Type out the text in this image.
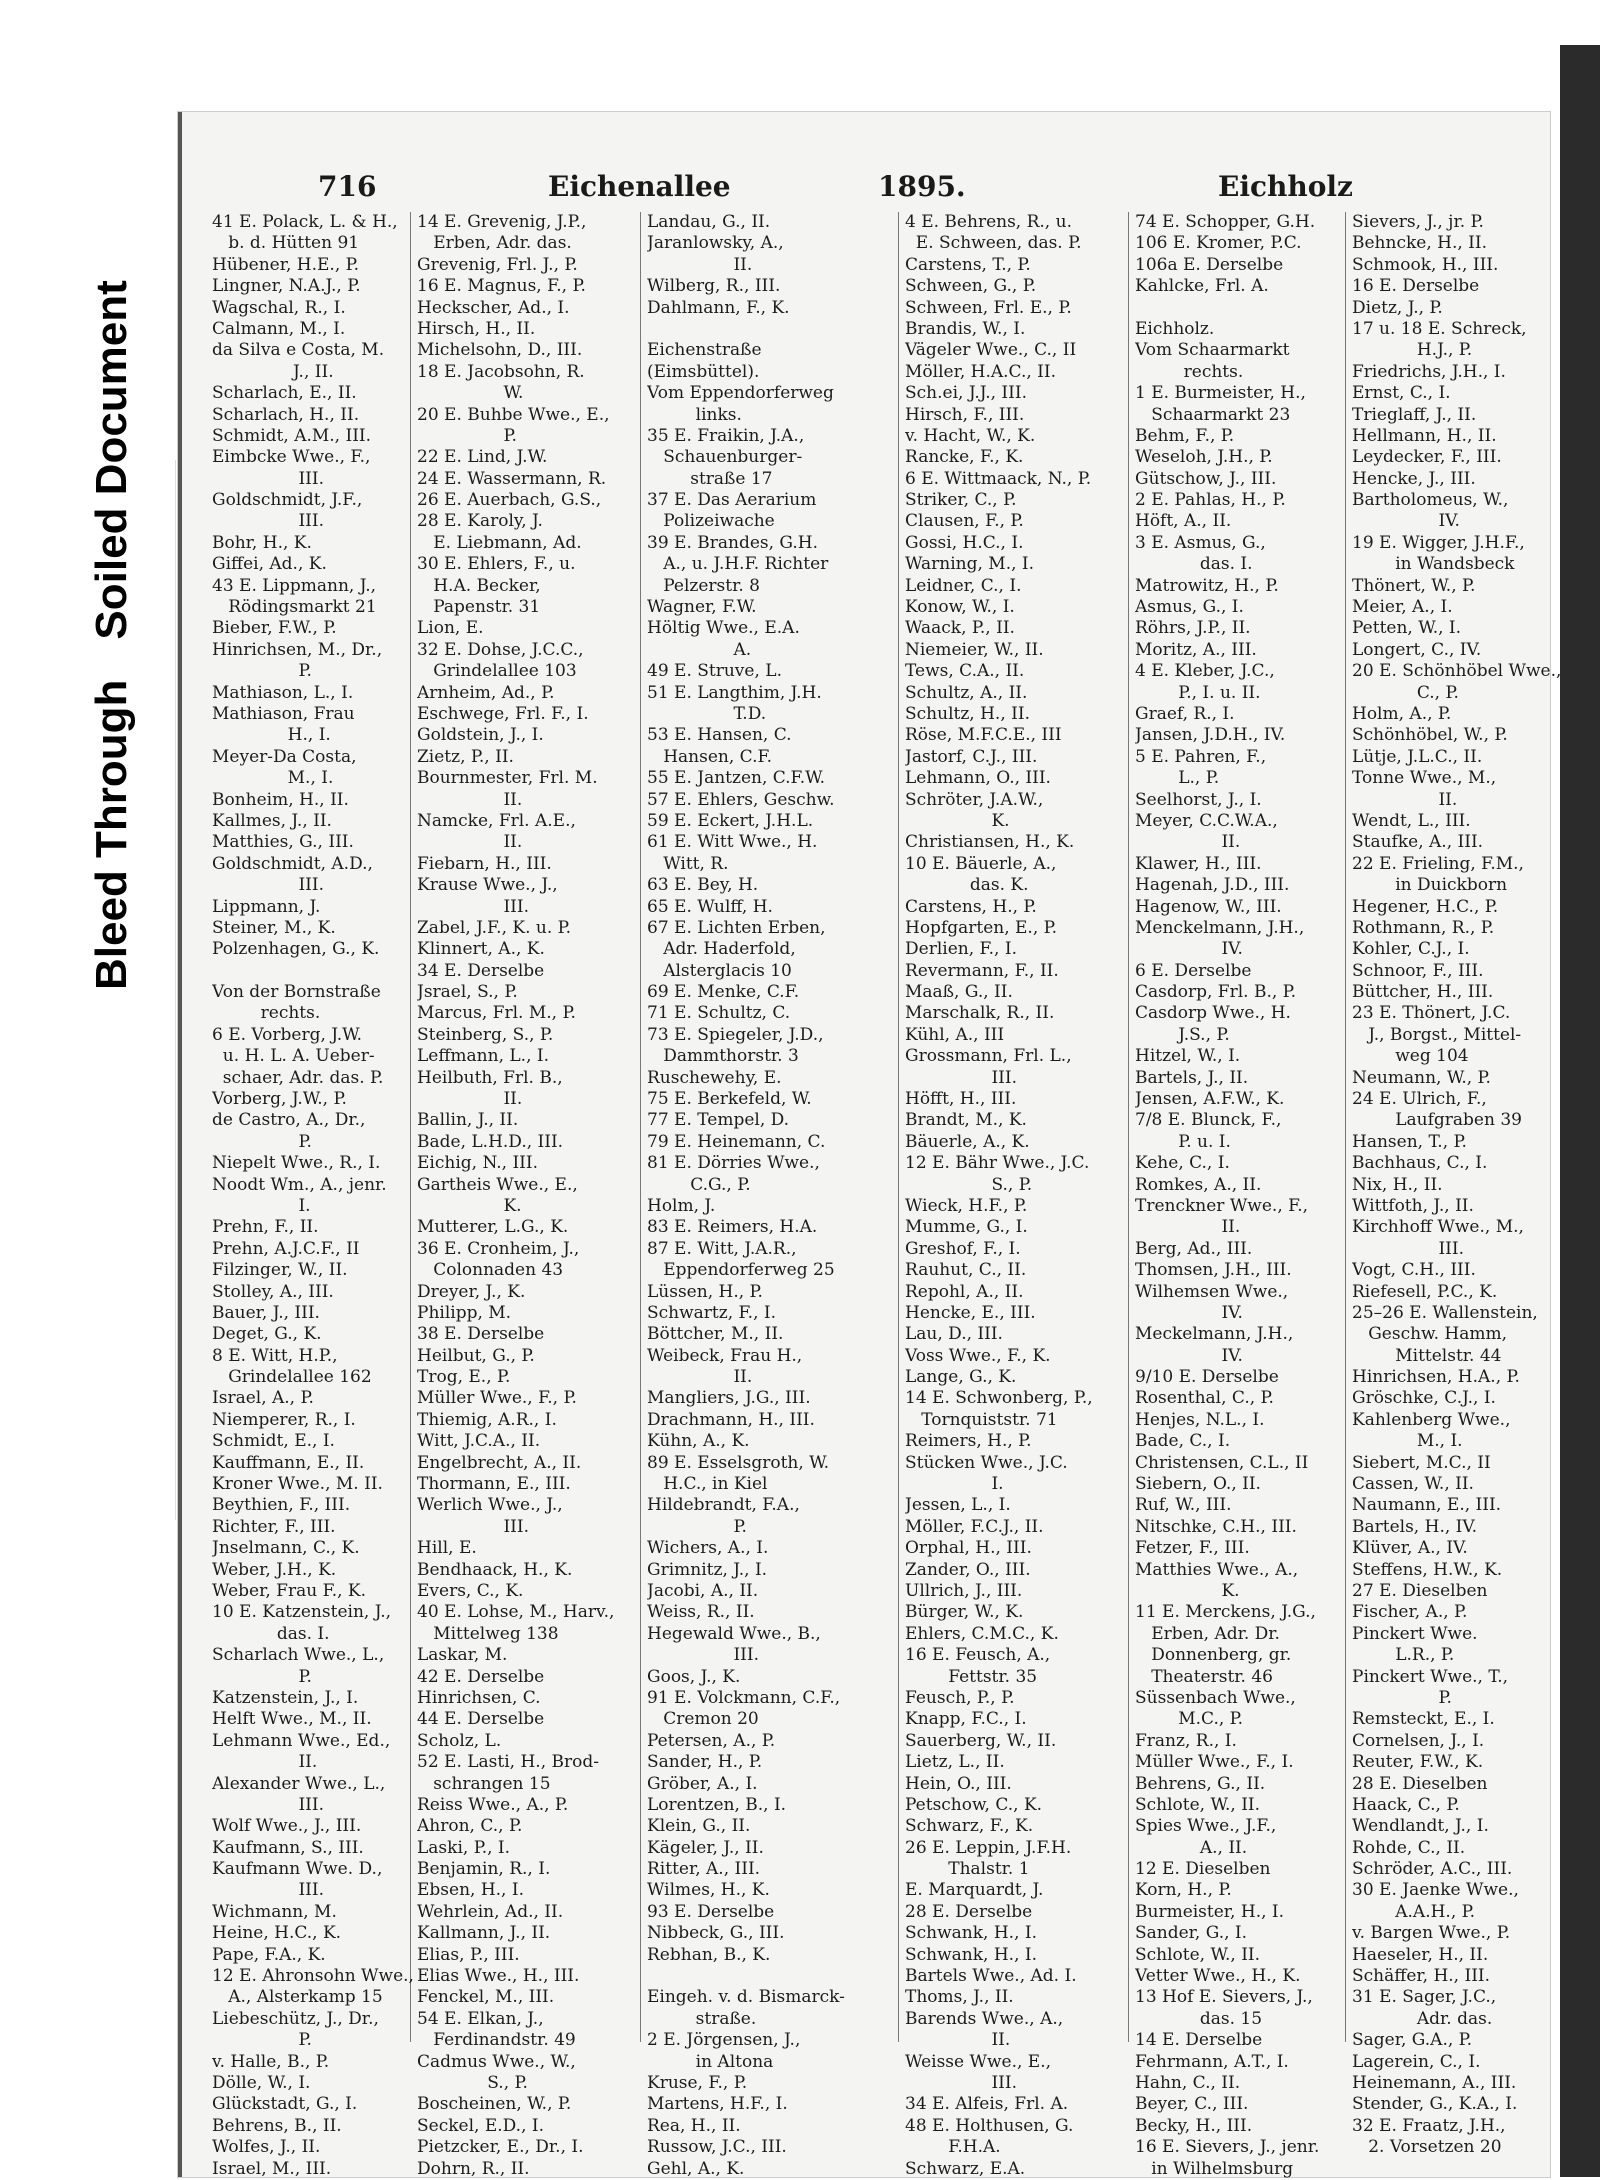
Bleed ThroughSoiled Document
716	Eichenallee	1895.	Eichholz
41 E. Polack, L. & H.,
b. d. Hütten 91
Hübener, H.E., P.
Lingner, N.A.J., P.
Wagschal, R., I.
Calmann, M., I.
da Silva e Costa, M.
J., II.
Scharlach, E., II.
Scharlach, H., II.
Schmidt, A.M., III.
Eimbcke Wwe., F.,
III.
Goldschmidt, J.F.,
III.
Bohr, H., K.
Giffei, Ad., K.
43 E. Lippmann, J.,
Rödingsmarkt 21
Bieber, F.W., P.
Hinrichsen, M., Dr.,
P.
Mathiason, L., I.
Mathiason, Frau
H., I.
Meyer-Da Costa,
M., I.
Bonheim, H., II.
Kallmes, J., II.
Matthies, G., III.
Goldschmidt, A.D.,
III.
Lippmann, J.
Steiner, M., K.
Polzenhagen, G., K.
Von der Bornstraße
rechts.
6 E. Vorberg, J.W.
u. H. L. A. Ueber-
schaer, Adr. das. P.
Vorberg, J.W., P.
de Castro, A., Dr.,
P.
Niepelt Wwe., R., I.
Noodt Wm., A., jenr.
I.
Prehn, F., II.
Prehn, A.J.C.F., II
Filzinger, W., II.
Stolley, A., III.
Bauer, J., III.
Deget, G., K.
8 E. Witt, H.P.,
Grindelallee 162
Israel, A., P.
Niemperer, R., I.
Schmidt, E., I.
Kauffmann, E., II.
Kroner Wwe., M. II.
Beythien, F., III.
Richter, F., III.
Jnselmann, C., K.
Weber, J.H., K.
Weber, Frau F., K.
10 E. Katzenstein, J.,
das. I.
Scharlach Wwe., L.,
P.
Katzenstein, J., I.
Helft Wwe., M., II.
Lehmann Wwe., Ed.,
II.
Alexander Wwe., L.,
III.
Wolf Wwe., J., III.
Kaufmann, S., III.
Kaufmann Wwe. D.,
III.
Wichmann, M.
Heine, H.C., K.
Pape, F.A., K.
12 E. Ahronsohn Wwe.,
A., Alsterkamp 15
Liebeschütz, J., Dr.,
P.
v. Halle, B., P.
Dölle, W., I.
Glückstadt, G., I.
Behrens, B., II.
Wolfes, J., II.
Israel, M., III.
14 E. Grevenig, J.P.,
Erben, Adr. das.
Grevenig, Frl. J., P.
16 E. Magnus, F., P.
Heckscher, Ad., I.
Hirsch, H., II.
Michelsohn, D., III.
18 E. Jacobsohn, R.
W.
20 E. Buhbe Wwe., E.,
P.
22 E. Lind, J.W.
24 E. Wassermann, R.
26 E. Auerbach, G.S.,
28 E. Karoly, J.
E. Liebmann, Ad.
30 E. Ehlers, F., u.
H.A. Becker,
Papenstr. 31
Lion, E.
32 E. Dohse, J.C.C.,
Grindelallee 103
Arnheim, Ad., P.
Eschwege, Frl. F., I.
Goldstein, J., I.
Zietz, P., II.
Bournmester, Frl. M.
II.
Namcke, Frl. A.E.,
II.
Fiebarn, H., III.
Krause Wwe., J.,
III.
Zabel, J.F., K. u. P.
Klinnert, A., K.
34 E. Derselbe
Jsrael, S., P.
Marcus, Frl. M., P.
Steinberg, S., P.
Leffmann, L., I.
Heilbuth, Frl. B.,
II.
Ballin, J., II.
Bade, L.H.D., III.
Eichig, N., III.
Gartheis Wwe., E.,
K.
Mutterer, L.G., K.
36 E. Cronheim, J.,
Colonnaden 43
Dreyer, J., K.
Philipp, M.
38 E. Derselbe
Heilbut, G., P.
Trog, E., P.
Müller Wwe., F., P.
Thiemig, A.R., I.
Witt, J.C.A., II.
Engelbrecht, A., II.
Thormann, E., III.
Werlich Wwe., J.,
III.
Hill, E.
Bendhaack, H., K.
Evers, C., K.
40 E. Lohse, M., Harv.,
Mittelweg 138
Laskar, M.
42 E. Derselbe
Hinrichsen, C.
44 E. Derselbe
Scholz, L.
52 E. Lasti, H., Brod-
schrangen 15
Reiss Wwe., A., P.
Ahron, C., P.
Laski, P., I.
Benjamin, R., I.
Ebsen, H., I.
Wehrlein, Ad., II.
Kallmann, J., II.
Elias, P., III.
Elias Wwe., H., III.
Fenckel, M., III.
54 E. Elkan, J.,
Ferdinandstr. 49
Cadmus Wwe., W.,
S., P.
Boscheinen, W., P.
Seckel, E.D., I.
Pietzcker, E., Dr., I.
Dohrn, R., II.
Landau, G., II.
Jaranlowsky, A.,
II.
Wilberg, R., III.
Dahlmann, F., K.
Eichenstraße
(Eimsbüttel).
Vom Eppendorferweg
links.
35 E. Fraikin, J.A.,
Schauenburger-
straße 17
37 E. Das Aerarium
Polizeiwache
39 E. Brandes, G.H.
A., u. J.H.F. Richter
Pelzerstr. 8
Wagner, F.W.
Höltig Wwe., E.A.
A.
49 E. Struve, L.
51 E. Langthim, J.H.
T.D.
53 E. Hansen, C.
Hansen, C.F.
55 E. Jantzen, C.F.W.
57 E. Ehlers, Geschw.
59 E. Eckert, J.H.L.
61 E. Witt Wwe., H.
Witt, R.
63 E. Bey, H.
65 E. Wulff, H.
67 E. Lichten Erben,
Adr. Haderfold,
Alsterglacis 10
69 E. Menke, C.F.
71 E. Schultz, C.
73 E. Spiegeler, J.D.,
Dammthorstr. 3
Ruschewehy, E.
75 E. Berkefeld, W.
77 E. Tempel, D.
79 E. Heinemann, C.
81 E. Dörries Wwe.,
C.G., P.
Holm, J.
83 E. Reimers, H.A.
87 E. Witt, J.A.R.,
Eppendorferweg 25
Lüssen, H., P.
Schwartz, F., I.
Böttcher, M., II.
Weibeck, Frau H.,
II.
Mangliers, J.G., III.
Drachmann, H., III.
Kühn, A., K.
89 E. Esselsgroth, W.
H.C., in Kiel
Hildebrandt, F.A.,
P.
Wichers, A., I.
Grimnitz, J., I.
Jacobi, A., II.
Weiss, R., II.
Hegewald Wwe., B.,
III.
Goos, J., K.
91 E. Volckmann, C.F.,
Cremon 20
Petersen, A., P.
Sander, H., P.
Gröber, A., I.
Lorentzen, B., I.
Klein, G., II.
Kägeler, J., II.
Ritter, A., III.
Wilmes, H., K.
93 E. Derselbe
Nibbeck, G., III.
Rebhan, B., K.
Eingeh. v. d. Bismarck-
straße.
2 E. Jörgensen, J.,
in Altona
Kruse, F., P.
Martens, H.F., I.
Rea, H., II.
Russow, J.C., III.
Gehl, A., K.
4 E. Behrens, R., u.
E. Schween, das. P.
Carstens, T., P.
Schween, G., P.
Schween, Frl. E., P.
Brandis, W., I.
Vägeler Wwe., C., II
Möller, H.A.C., II.
Sch.ei, J.J., III.
Hirsch, F., III.
v. Hacht, W., K.
Rancke, F., K.
6 E. Wittmaack, N., P.
Striker, C., P.
Clausen, F., P.
Gossi, H.C., I.
Warning, M., I.
Leidner, C., I.
Konow, W., I.
Waack, P., II.
Niemeier, W., II.
Tews, C.A., II.
Schultz, A., II.
Schultz, H., II.
Röse, M.F.C.E., III
Jastorf, C.J., III.
Lehmann, O., III.
Schröter, J.A.W.,
K.
Christiansen, H., K.
10 E. Bäuerle, A.,
das. K.
Carstens, H., P.
Hopfgarten, E., P.
Derlien, F., I.
Revermann, F., II.
Maaß, G., II.
Marschalk, R., II.
Kühl, A., III
Grossmann, Frl. L.,
III.
Höfft, H., III.
Brandt, M., K.
Bäuerle, A., K.
12 E. Bähr Wwe., J.C.
S., P.
Wieck, H.F., P.
Mumme, G., I.
Greshof, F., I.
Rauhut, C., II.
Repohl, A., II.
Hencke, E., III.
Lau, D., III.
Voss Wwe., F., K.
Lange, G., K.
14 E. Schwonberg, P.,
Tornquiststr. 71
Reimers, H., P.
Stücken Wwe., J.C.
I.
Jessen, L., I.
Möller, F.C.J., II.
Orphal, H., III.
Zander, O., III.
Ullrich, J., III.
Bürger, W., K.
Ehlers, C.M.C., K.
16 E. Feusch, A.,
Fettstr. 35
Feusch, P., P.
Knapp, F.C., I.
Sauerberg, W., II.
Lietz, L., II.
Hein, O., III.
Petschow, C., K.
Schwarz, F., K.
26 E. Leppin, J.F.H.
Thalstr. 1
E. Marquardt, J.
28 E. Derselbe
Schwank, H., I.
Schwank, H., I.
Bartels Wwe., Ad. I.
Thoms, J., II.
Barends Wwe., A.,
II.
Weisse Wwe., E.,
III.
34 E. Alfeis, Frl. A.
48 E. Holthusen, G.
F.H.A.
Schwarz, E.A.
74 E. Schopper, G.H.
106 E. Kromer, P.C.
106a E. Derselbe
Kahlcke, Frl. A.
Eichholz.
Vom Schaarmarkt
rechts.
1 E. Burmeister, H.,
Schaarmarkt 23
Behm, F., P.
Weseloh, J.H., P.
Gütschow, J., III.
2 E. Pahlas, H., P.
Höft, A., II.
3 E. Asmus, G.,
das. I.
Matrowitz, H., P.
Asmus, G., I.
Röhrs, J.P., II.
Moritz, A., III.
4 E. Kleber, J.C.,
P., I. u. II.
Graef, R., I.
Jansen, J.D.H., IV.
5 E. Pahren, F.,
L., P.
Seelhorst, J., I.
Meyer, C.C.W.A.,
II.
Klawer, H., III.
Hagenah, J.D., III.
Hagenow, W., III.
Menckelmann, J.H.,
IV.
6 E. Derselbe
Casdorp, Frl. B., P.
Casdorp Wwe., H.
J.S., P.
Hitzel, W., I.
Bartels, J., II.
Jensen, A.F.W., K.
7/8 E. Blunck, F.,
P. u. I.
Kehe, C., I.
Romkes, A., II.
Trenckner Wwe., F.,
II.
Berg, Ad., III.
Thomsen, J.H., III.
Wilhemsen Wwe.,
IV.
Meckelmann, J.H.,
IV.
9/10 E. Derselbe
Rosenthal, C., P.
Henjes, N.L., I.
Bade, C., I.
Christensen, C.L., II
Siebern, O., II.
Ruf, W., III.
Nitschke, C.H., III.
Fetzer, F., III.
Matthies Wwe., A.,
K.
11 E. Merckens, J.G.,
Erben, Adr. Dr.
Donnenberg, gr.
Theaterstr. 46
Süssenbach Wwe.,
M.C., P.
Franz, R., I.
Müller Wwe., F., I.
Behrens, G., II.
Schlote, W., II.
Spies Wwe., J.F.,
A., II.
12 E. Dieselben
Korn, H., P.
Burmeister, H., I.
Sander, G., I.
Schlote, W., II.
Vetter Wwe., H., K.
13 Hof E. Sievers, J.,
das. 15
14 E. Derselbe
Fehrmann, A.T., I.
Hahn, C., II.
Beyer, C., III.
Becky, H., III.
16 E. Sievers, J., jenr.
in Wilhelmsburg
Sievers, J., jr. P.
Behncke, H., II.
Schmook, H., III.
16 E. Derselbe
Dietz, J., P.
17 u. 18 E. Schreck,
H.J., P.
Friedrichs, J.H., I.
Ernst, C., I.
Trieglaff, J., II.
Hellmann, H., II.
Leydecker, F., III.
Hencke, J., III.
Bartholomeus, W.,
IV.
19 E. Wigger, J.H.F.,
in Wandsbeck
Thönert, W., P.
Meier, A., I.
Petten, W., I.
Longert, C., IV.
20 E. Schönhöbel Wwe.,
C., P.
Holm, A., P.
Schönhöbel, W., P.
Lütje, J.L.C., II.
Tonne Wwe., M.,
II.
Wendt, L., III.
Staufke, A., III.
22 E. Frieling, F.M.,
in Duickborn
Hegener, H.C., P.
Rothmann, R., P.
Kohler, C.J., I.
Schnoor, F., III.
Büttcher, H., III.
23 E. Thönert, J.C.
J., Borgst., Mittel-
weg 104
Neumann, W., P.
24 E. Ulrich, F.,
Laufgraben 39
Hansen, T., P.
Bachhaus, C., I.
Nix, H., II.
Wittfoth, J., II.
Kirchhoff Wwe., M.,
III.
Vogt, C.H., III.
Riefesell, P.C., K.
25–26 E. Wallenstein,
Geschw. Hamm,
Mittelstr. 44
Hinrichsen, H.A., P.
Gröschke, C.J., I.
Kahlenberg Wwe.,
M., I.
Siebert, M.C., II
Cassen, W., II.
Naumann, E., III.
Bartels, H., IV.
Klüver, A., IV.
Steffens, H.W., K.
27 E. Dieselben
Fischer, A., P.
Pinckert Wwe.
L.R., P.
Pinckert Wwe., T.,
P.
Remsteckt, E., I.
Cornelsen, J., I.
Reuter, F.W., K.
28 E. Dieselben
Haack, C., P.
Wendlandt, J., I.
Rohde, C., II.
Schröder, A.C., III.
30 E. Jaenke Wwe.,
A.A.H., P.
v. Bargen Wwe., P.
Haeseler, H., II.
Schäffer, H., III.
31 E. Sager, J.C.,
Adr. das.
Sager, G.A., P.
Lagerein, C., I.
Heinemann, A., III.
Stender, G., K.A., I.
32 E. Fraatz, J.H.,
2. Vorsetzen 20
